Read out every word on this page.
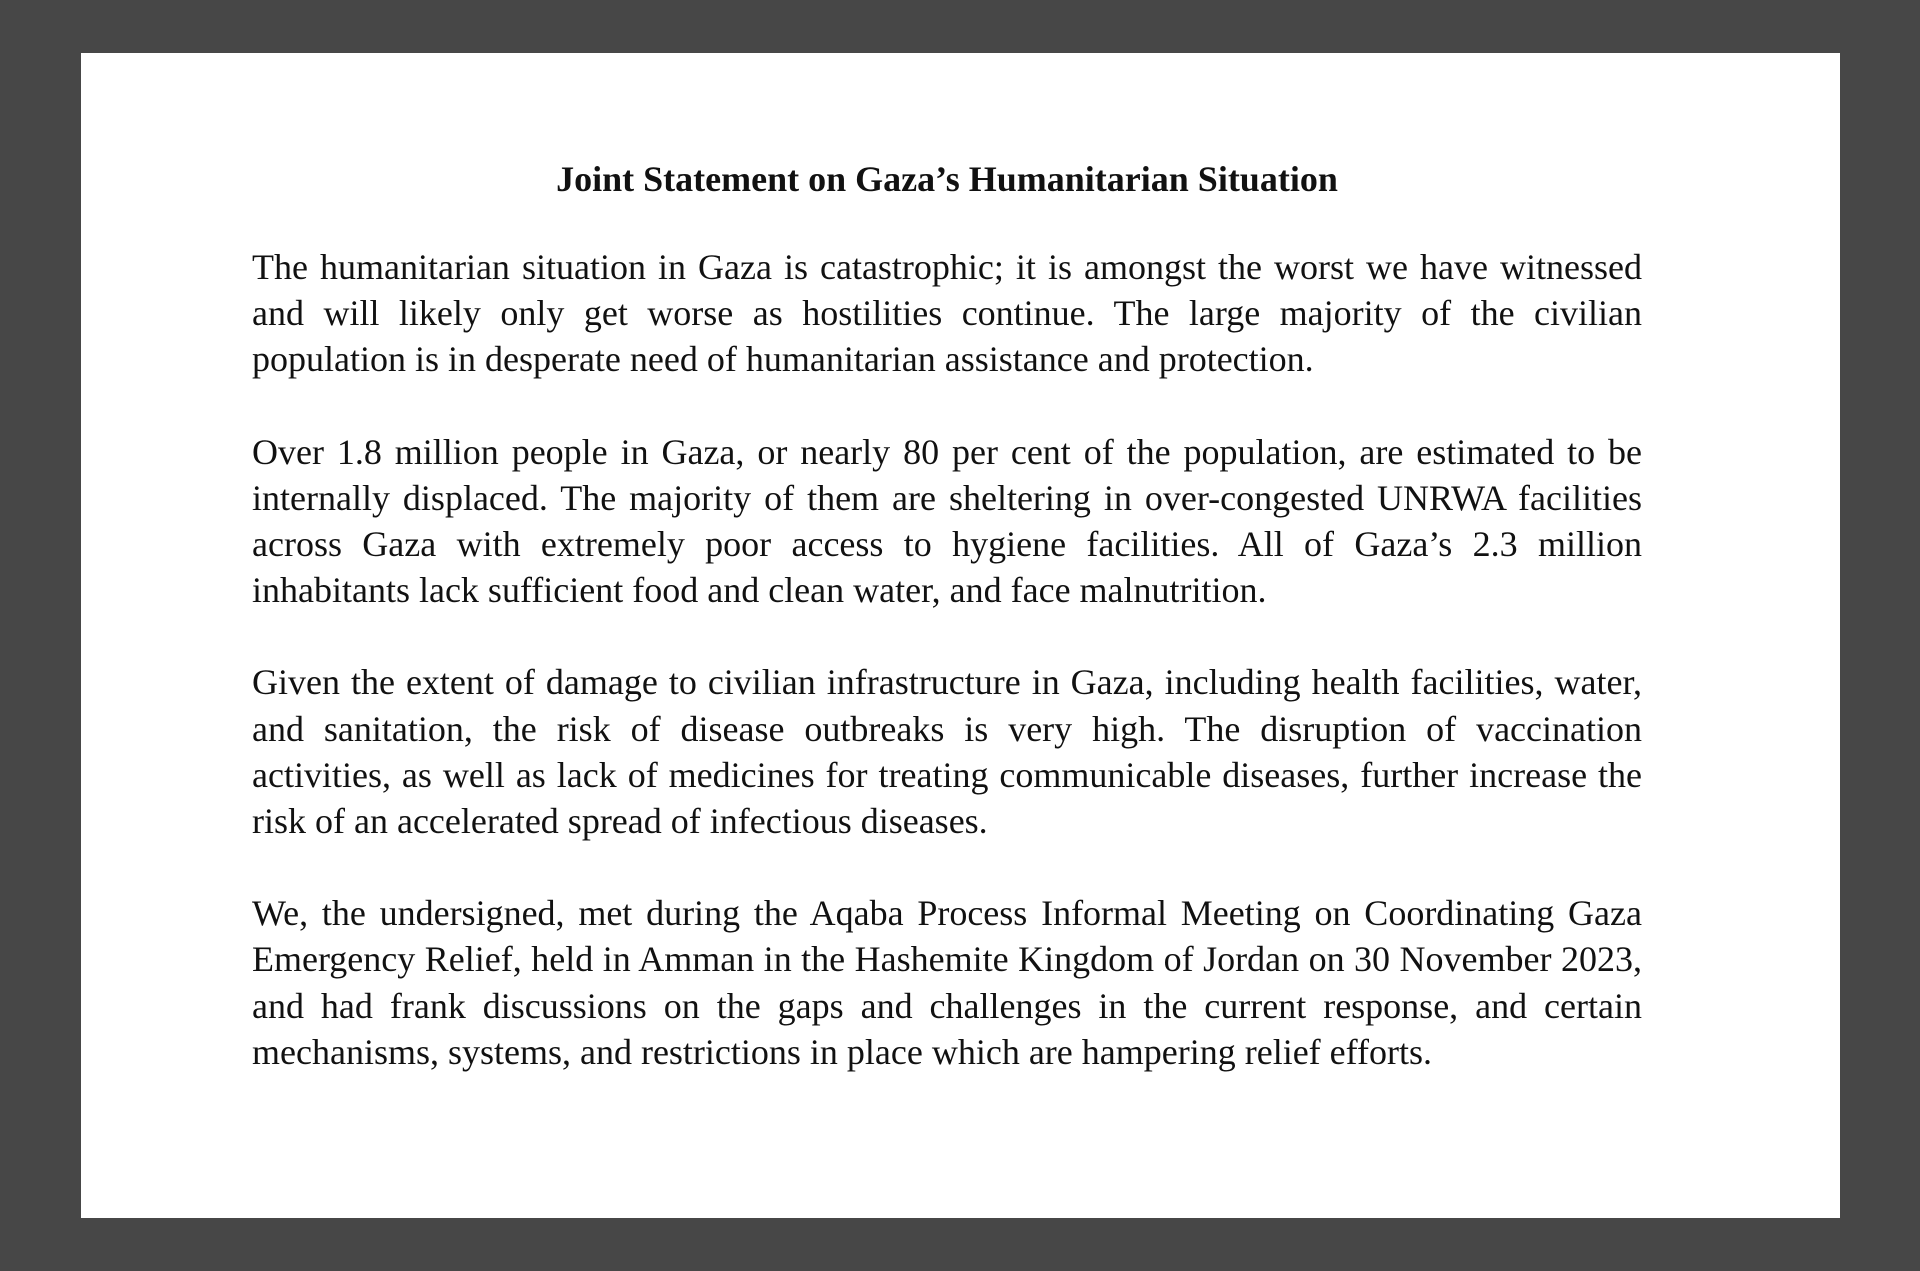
Joint Statement on Gaza’s Humanitarian Situation

The humanitarian situation in Gaza is catastrophic; it is amongst the worst we have witnessed and will likely only get worse as hostilities continue. The large majority of the civilian population is in desperate need of humanitarian assistance and protection.

Over 1.8 million people in Gaza, or nearly 80 per cent of the population, are estimated to be internally displaced. The majority of them are sheltering in over-congested UNRWA facilities across Gaza with extremely poor access to hygiene facilities. All of Gaza’s 2.3 million inhabitants lack sufficient food and clean water, and face malnutrition.

Given the extent of damage to civilian infrastructure in Gaza, including health facilities, water, and sanitation, the risk of disease outbreaks is very high. The disruption of vaccination activities, as well as lack of medicines for treating communicable diseases, further increase the risk of an accelerated spread of infectious diseases.

We, the undersigned, met during the Aqaba Process Informal Meeting on Coordinating Gaza Emergency Relief, held in Amman in the Hashemite Kingdom of Jordan on 30 November 2023, and had frank discussions on the gaps and challenges in the current response, and certain mechanisms, systems, and restrictions in place which are hampering relief efforts.
